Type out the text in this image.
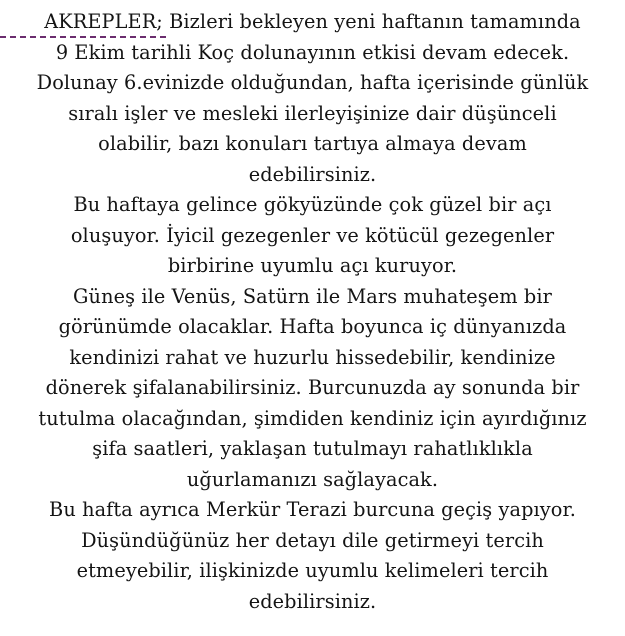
AKREPLER; Bizleri bekleyen yeni haftanın tamamında
9 Ekim tarihli Koç dolunayının etkisi devam edecek.
Dolunay 6.evinizde olduğundan, hafta içerisinde günlük
sıralı işler ve mesleki ilerleyişinize dair düşünceli
olabilir, bazı konuları tartıya almaya devam
edebilirsiniz.
Bu haftaya gelince gökyüzünde çok güzel bir açı
oluşuyor. İyicil gezegenler ve kötücül gezegenler
birbirine uyumlu açı kuruyor.
Güneş ile Venüs, Satürn ile Mars muhateşem bir
görünümde olacaklar. Hafta boyunca iç dünyanızda
kendinizi rahat ve huzurlu hissedebilir, kendinize
dönerek şifalanabilirsiniz. Burcunuzda ay sonunda bir
tutulma olacağından, şimdiden kendiniz için ayırdığınız
şifa saatleri, yaklaşan tutulmayı rahatlıklıkla
uğurlamanızı sağlayacak.
Bu hafta ayrıca Merkür Terazi burcuna geçiş yapıyor.
Düşündüğünüz her detayı dile getirmeyi tercih
etmeyebilir, ilişkinizde uyumlu kelimeleri tercih
edebilirsiniz.
